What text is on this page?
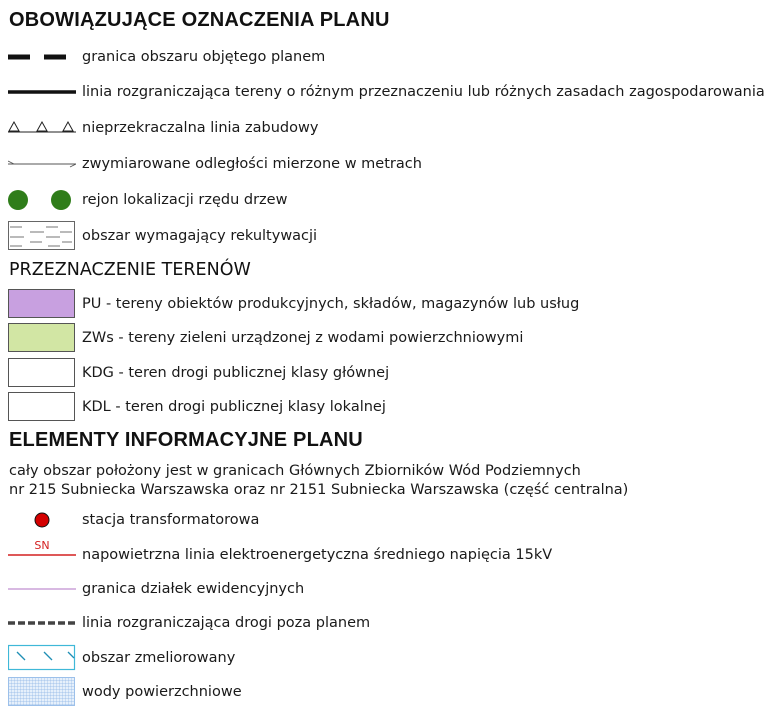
OBOWIĄZUJĄCE OZNACZENIA PLANU
granica obszaru objętego planem
linia rozgraniczająca tereny o różnym przeznaczeniu lub różnych zasadach zagospodarowania
nieprzekraczalna linia zabudowy
zwymiarowane odległości mierzone w metrach
rejon lokalizacji rzędu drzew
obszar wymagający rekultywacji
PRZEZNACZENIE TERENÓW
PU - tereny obiektów produkcyjnych, składów, magazynów lub usług
ZWs - tereny zieleni urządzonej z wodami powierzchniowymi
KDG - teren drogi publicznej klasy głównej
KDL - teren drogi publicznej klasy lokalnej
ELEMENTY INFORMACYJNE PLANU

cały obszar położony jest w granicach Głównych Zbiorników Wód Podziemnych
nr 215 Subniecka Warszawska oraz nr 2151 Subniecka Warszawska (część centralna)

stacja transformatorowa
SN
napowietrzna linia elektroenergetyczna średniego napięcia 15kV
granica działek ewidencyjnych
linia rozgraniczająca drogi poza planem
obszar zmeliorowany
wody powierzchniowe
